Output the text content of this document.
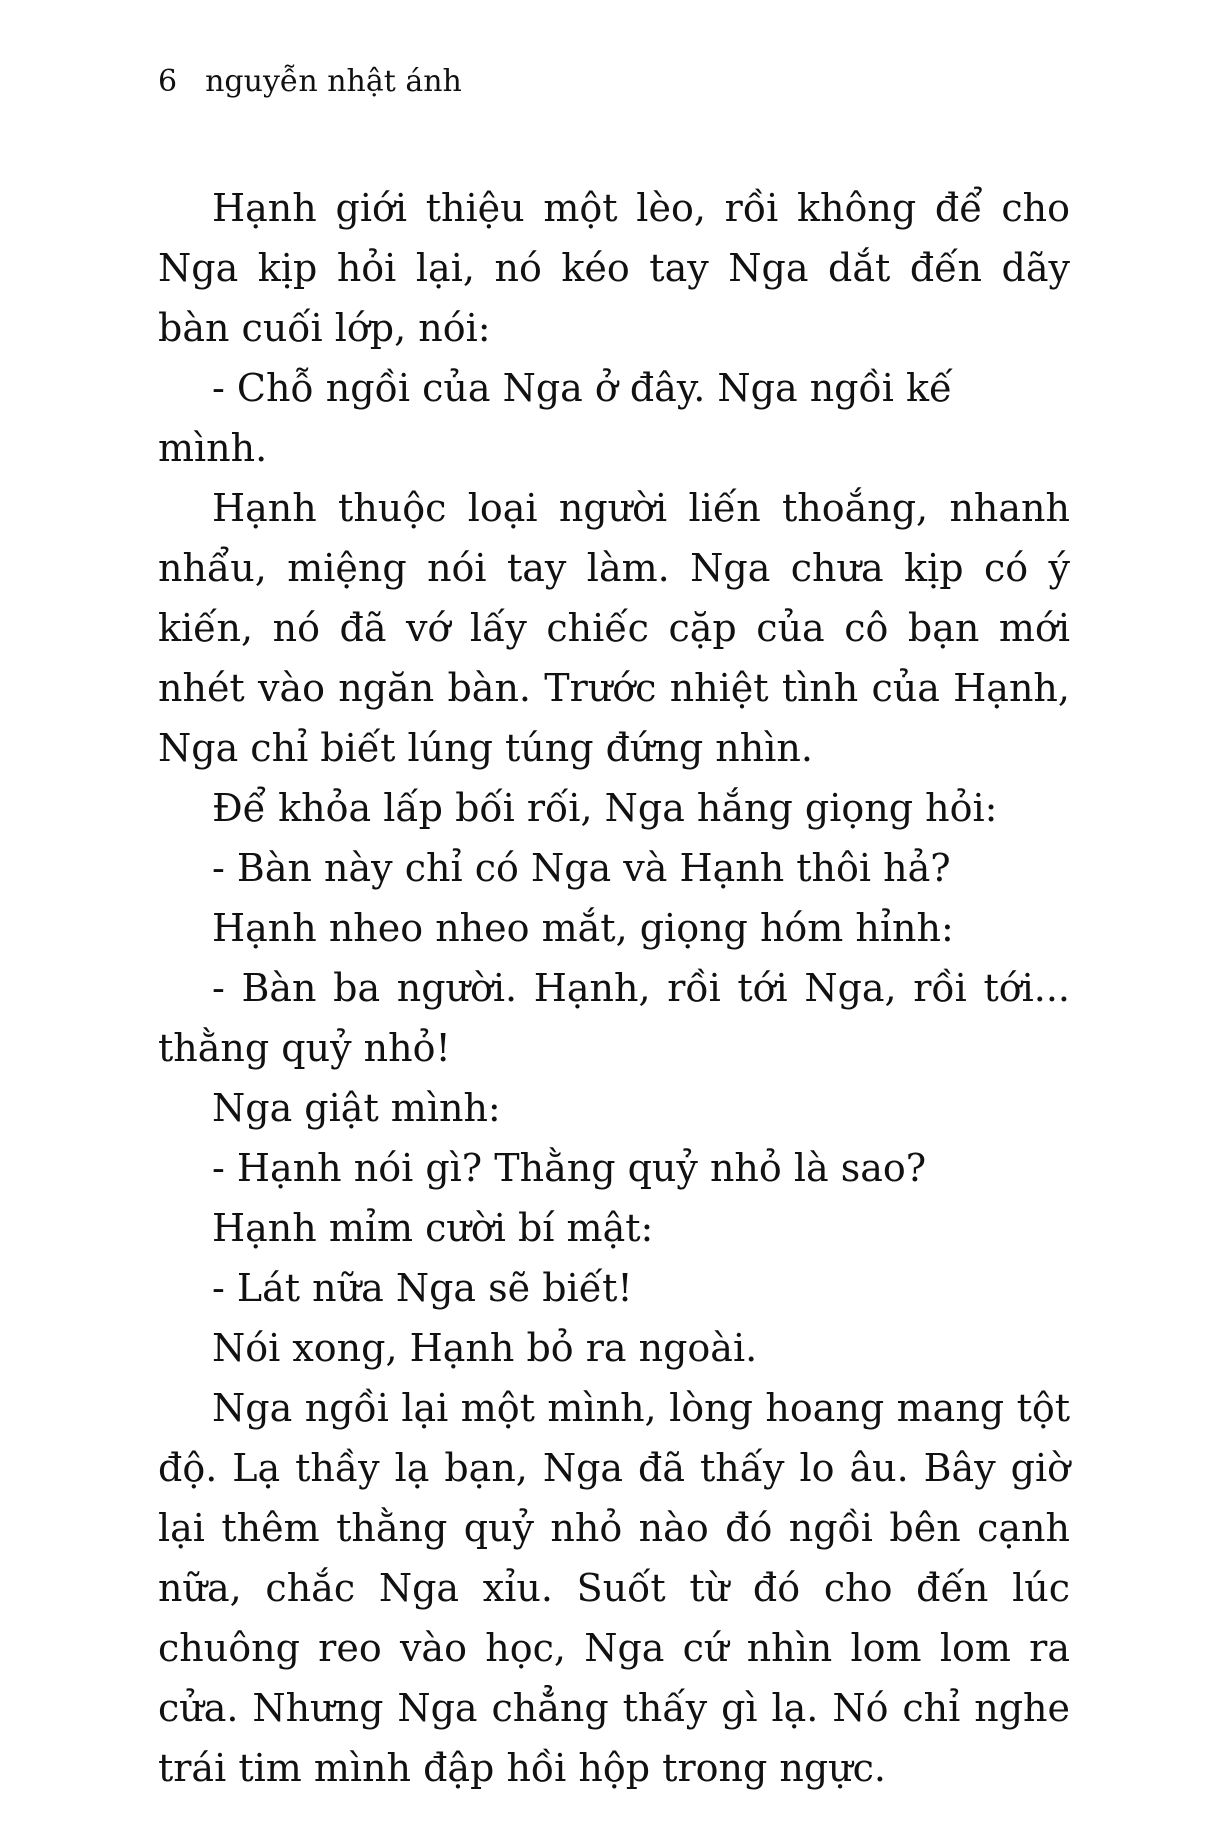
6 nguyễn nhật ánh

Hạnh giới thiệu một lèo, rồi không để cho Nga kịp hỏi lại, nó kéo tay Nga dắt đến dãy bàn cuối lớp, nói:

- Chỗ ngồi của Nga ở đây. Nga ngồi kế mình.

Hạnh thuộc loại người liến thoắng, nhanh nhẩu, miệng nói tay làm. Nga chưa kịp có ý kiến, nó đã vớ lấy chiếc cặp của cô bạn mới nhét vào ngăn bàn. Trước nhiệt tình của Hạnh, Nga chỉ biết lúng túng đứng nhìn.

Để khỏa lấp bối rối, Nga hắng giọng hỏi:

- Bàn này chỉ có Nga và Hạnh thôi hả?

Hạnh nheo nheo mắt, giọng hóm hỉnh:

- Bàn ba người. Hạnh, rồi tới Nga, rồi tới... thằng quỷ nhỏ!

Nga giật mình:

- Hạnh nói gì? Thằng quỷ nhỏ là sao?

Hạnh mỉm cười bí mật:

- Lát nữa Nga sẽ biết!

Nói xong, Hạnh bỏ ra ngoài.

Nga ngồi lại một mình, lòng hoang mang tột độ. Lạ thầy lạ bạn, Nga đã thấy lo âu. Bây giờ lại thêm thằng quỷ nhỏ nào đó ngồi bên cạnh nữa, chắc Nga xỉu. Suốt từ đó cho đến lúc chuông reo vào học, Nga cứ nhìn lom lom ra cửa. Nhưng Nga chẳng thấy gì lạ. Nó chỉ nghe trái tim mình đập hồi hộp trong ngực.
